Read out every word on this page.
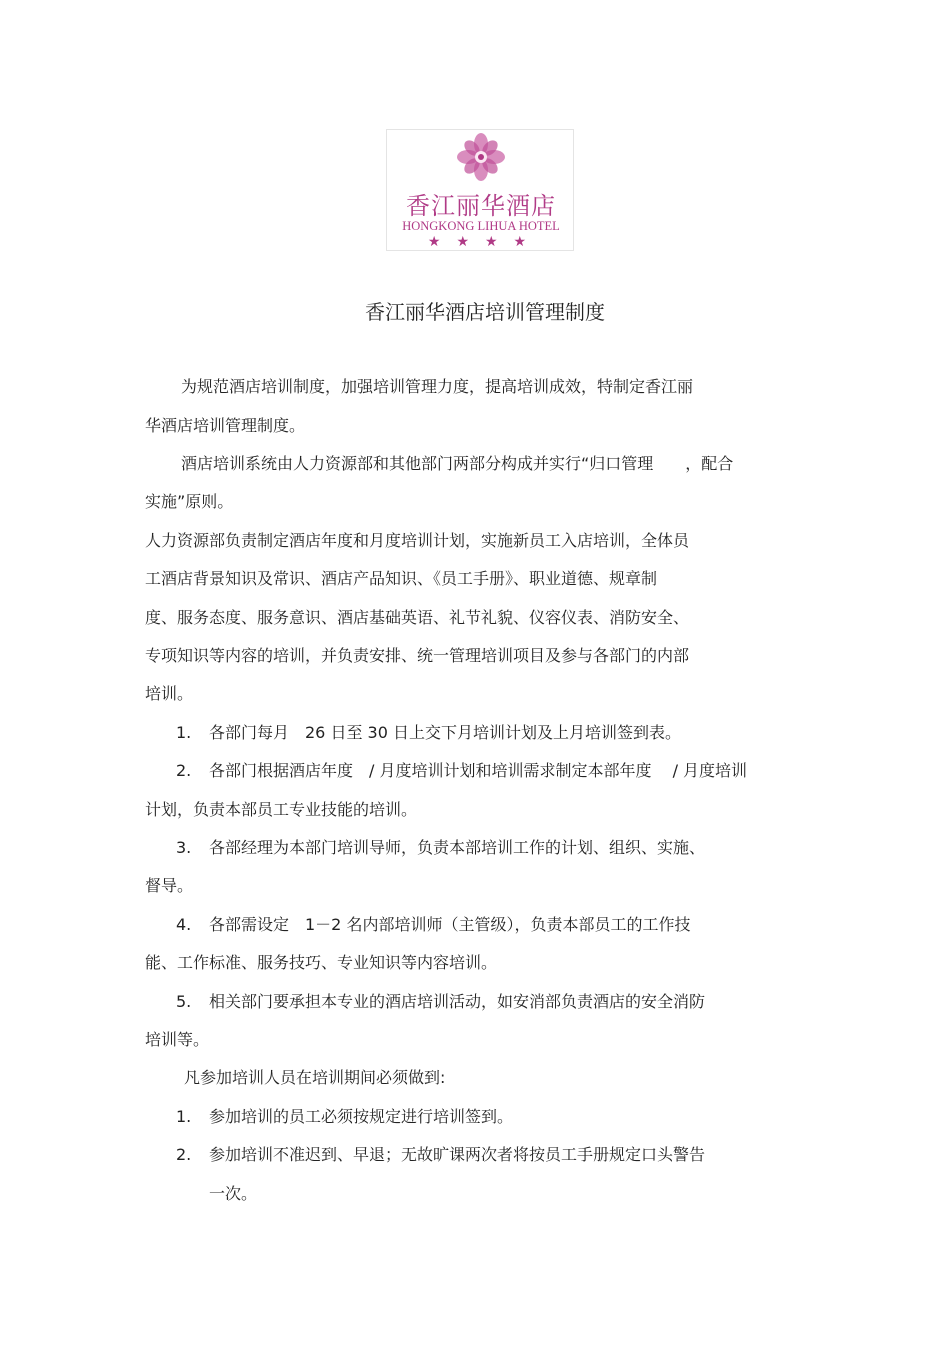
香江丽华酒店
HONGKONG LIHUA HOTEL
★★★★
香江丽华酒店培训管理制度
为规范酒店培训制度，加强培训管理力度，提高培训成效，特制定香江丽
华酒店培训管理制度。
酒店培训系统由人力资源部和其他部门两部分构成并实行“归口管理　　，配合
实施”原则。
人力资源部负责制定酒店年度和月度培训计划，实施新员工入店培训，全体员
工酒店背景知识及常识、酒店产品知识、《员工手册》、职业道德、规章制
度、服务态度、服务意识、酒店基础英语、礼节礼貌、仪容仪表、消防安全、
专项知识等内容的培训，并负责安排、统一管理培训项目及参与各部门的内部
培训。
1. 各部门每月　26 日至 30 日上交下月培训计划及上月培训签到表。
2. 各部门根据酒店年度　/ 月度培训计划和培训需求制定本部年度　 / 月度培训
计划，负责本部员工专业技能的培训。
3. 各部经理为本部门培训导师，负责本部培训工作的计划、组织、实施、
督导。
4. 各部需设定　1－2 名内部培训师（主管级），负责本部员工的工作技
能、工作标准、服务技巧、专业知识等内容培训。
5. 相关部门要承担本专业的酒店培训活动，如安消部负责酒店的安全消防
培训等。
凡参加培训人员在培训期间必须做到:
1. 参加培训的员工必须按规定进行培训签到。
2. 参加培训不准迟到、早退；无故旷课两次者将按员工手册规定口头警告
一次。
